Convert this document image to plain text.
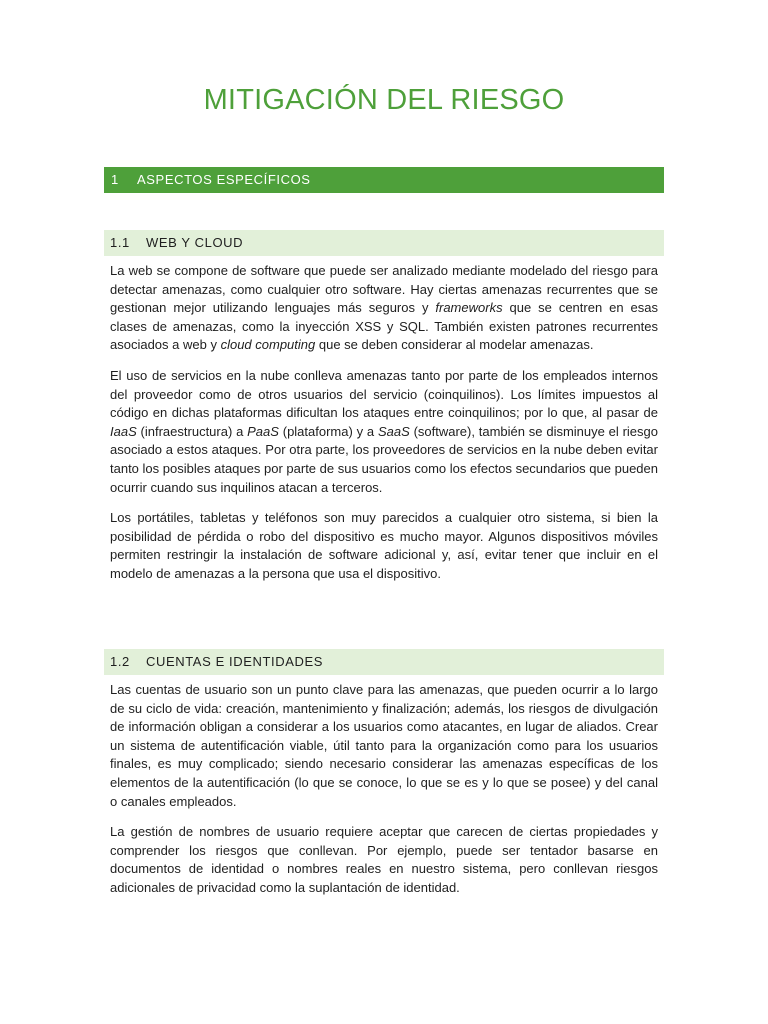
MITIGACIÓN DEL RIESGO
1 ASPECTOS ESPECÍFICOS
1.1 WEB Y CLOUD

La web se compone de software que puede ser analizado mediante modelado del riesgo para detectar amenazas, como cualquier otro software. Hay ciertas amenazas recurrentes que se gestionan mejor utilizando lenguajes más seguros y frameworks que se centren en esas clases de amenazas, como la inyección XSS y SQL. También existen patrones recurrentes asociados a web y cloud computing que se deben considerar al modelar amenazas.

El uso de servicios en la nube conlleva amenazas tanto por parte de los empleados internos del proveedor como de otros usuarios del servicio (coinquilinos). Los límites impuestos al código en dichas plataformas dificultan los ataques entre coinquilinos; por lo que, al pasar de IaaS (infraestructura) a PaaS (plataforma) y a SaaS (software), también se disminuye el riesgo asociado a estos ataques. Por otra parte, los proveedores de servicios en la nube deben evitar tanto los posibles ataques por parte de sus usuarios como los efectos secundarios que pueden ocurrir cuando sus inquilinos atacan a terceros.

Los portátiles, tabletas y teléfonos son muy parecidos a cualquier otro sistema, si bien la posibilidad de pérdida o robo del dispositivo es mucho mayor. Algunos dispositivos móviles permiten restringir la instalación de software adicional y, así, evitar tener que incluir en el modelo de amenazas a la persona que usa el dispositivo.

1.2 CUENTAS E IDENTIDADES

Las cuentas de usuario son un punto clave para las amenazas, que pueden ocurrir a lo largo de su ciclo de vida: creación, mantenimiento y finalización; además, los riesgos de divulgación de información obligan a considerar a los usuarios como atacantes, en lugar de aliados. Crear un sistema de autentificación viable, útil tanto para la organización como para los usuarios finales, es muy complicado; siendo necesario considerar las amenazas específicas de los elementos de la autentificación (lo que se conoce, lo que se es y lo que se posee) y del canal o canales empleados.

La gestión de nombres de usuario requiere aceptar que carecen de ciertas propiedades y comprender los riesgos que conllevan. Por ejemplo, puede ser tentador basarse en documentos de identidad o nombres reales en nuestro sistema, pero conllevan riesgos adicionales de privacidad como la suplantación de identidad.
